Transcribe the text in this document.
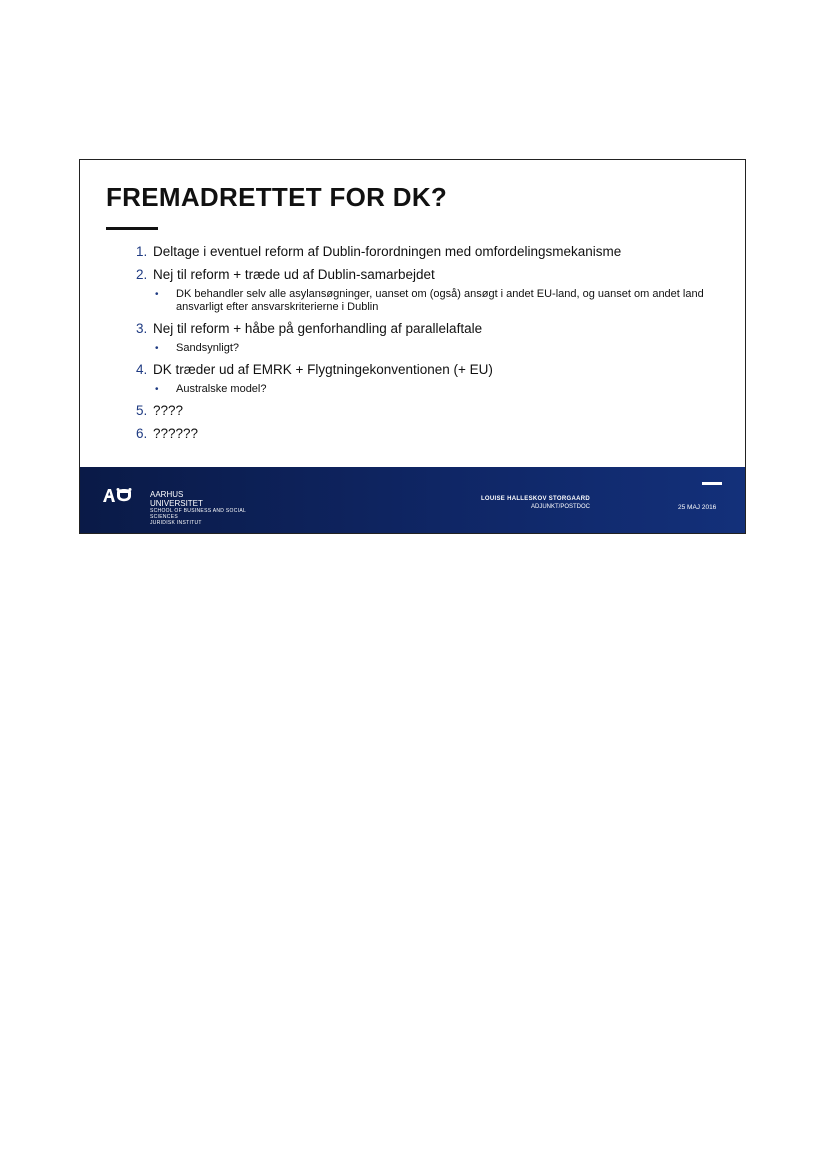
FREMADRETTET FOR DK?
1. Deltage i eventuel reform af Dublin-forordningen med omfordelingsmekanisme
2. Nej til reform + træde ud af Dublin-samarbejdet
• DK behandler selv alle asylansøgninger, uanset om (også) ansøgt i andet EU-land, og uanset om andet land ansvarligt efter ansvarskriterierne i Dublin
3. Nej til reform + håbe på genforhandling af parallelaftale
• Sandsynligt?
4. DK træder ud af EMRK + Flygtningekonventionen (+ EU)
• Australske model?
5. ????
6. ??????
AARHUS
UNIVERSITET
SCHOOL OF BUSINESS AND SOCIAL
SCIENCES
JURIDISK INSTITUT
LOUISE HALLESKOV STORGAARD
ADJUNKT/POSTDOC	25 MAJ 2016
